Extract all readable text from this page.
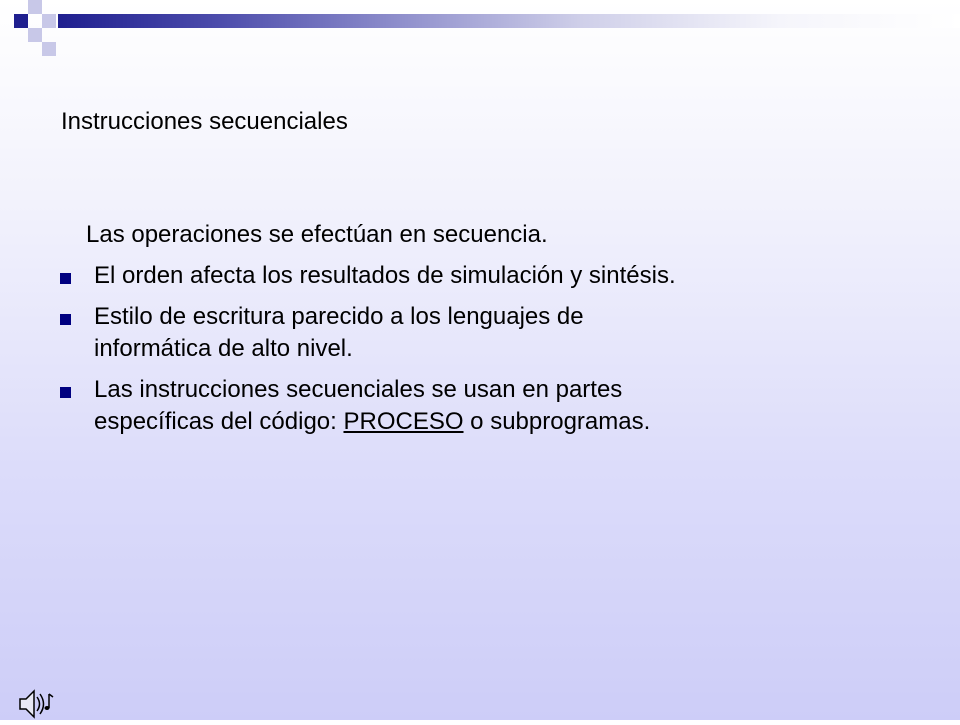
Instrucciones secuenciales
Las operaciones se efectúan en secuencia.
El orden afecta los resultados de simulación y sintésis.
Estilo de escritura parecido a los lenguajes de
informática de alto nivel.
Las instrucciones secuenciales se usan en partes
específicas del código: PROCESO o subprogramas.
